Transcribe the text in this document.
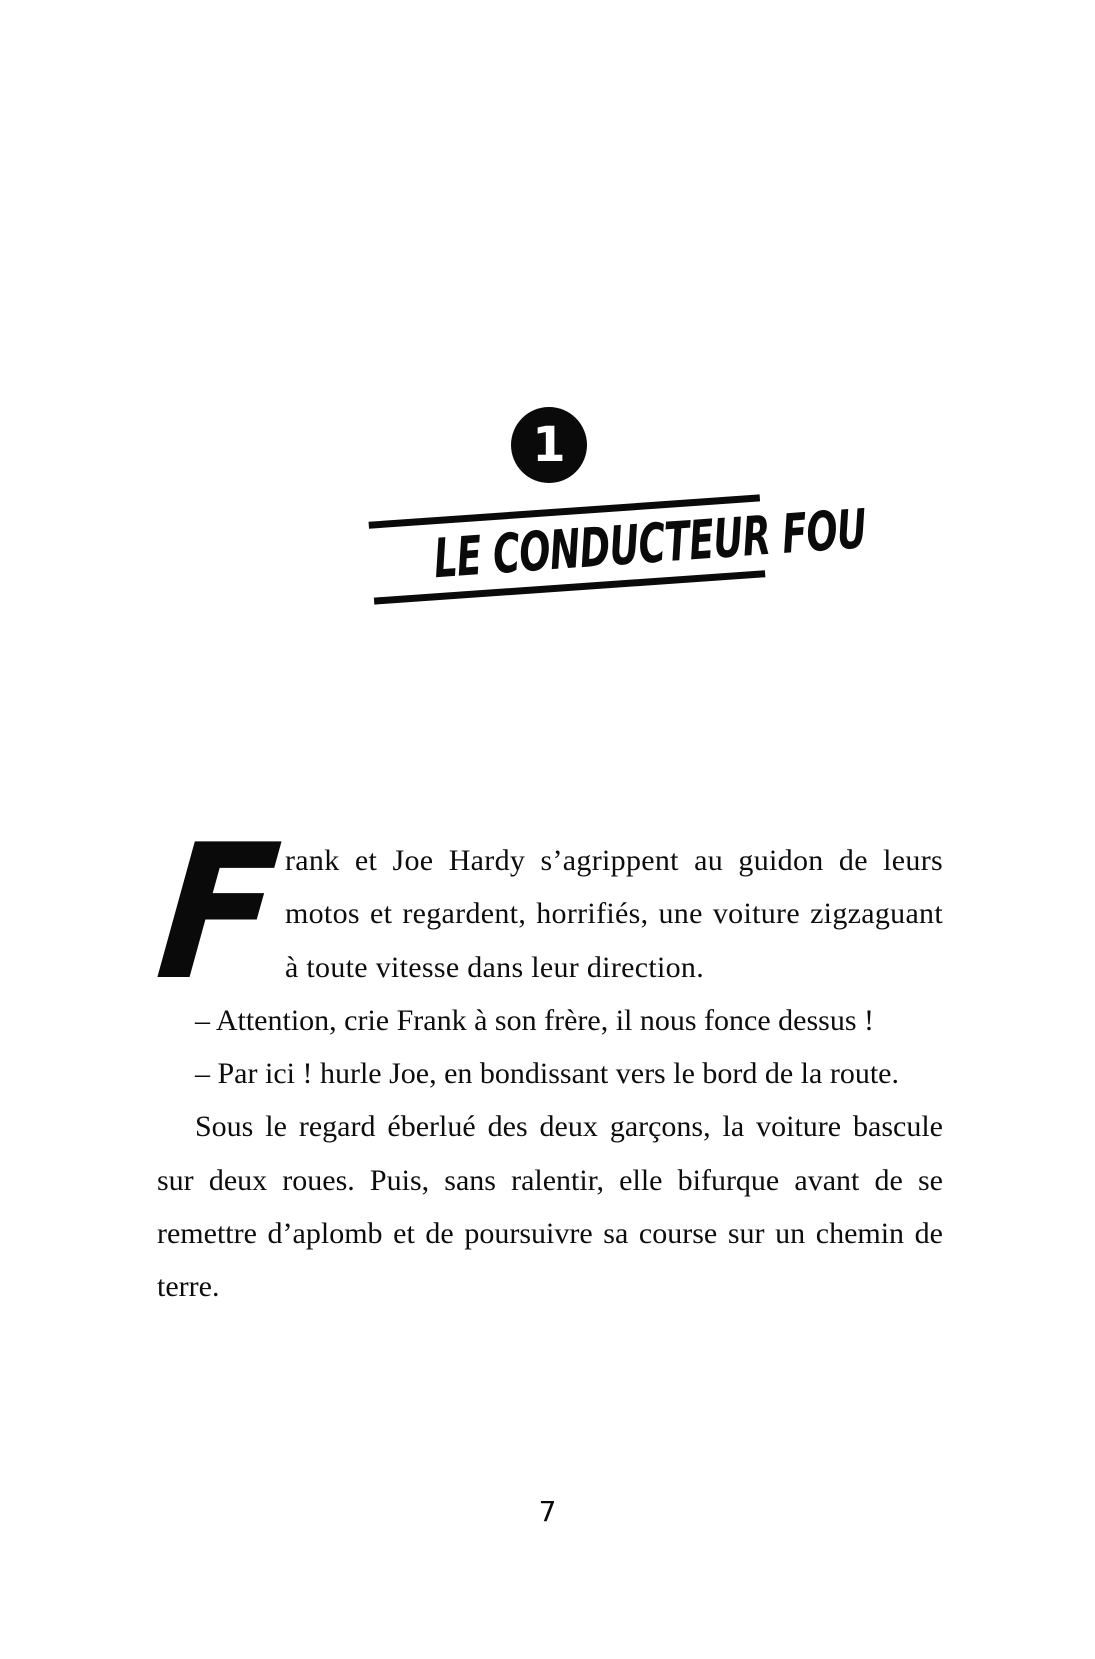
1
LE CONDUCTEUR FOU
F

rank et Joe Hardy s’agrippent au guidon de leurs motos et regardent, horrifiés, une voiture zigzaguant à toute vitesse dans leur direction.

– Attention, crie Frank à son frère, il nous fonce dessus !

– Par ici ! hurle Joe, en bondissant vers le bord de la route.

Sous le regard éberlué des deux garçons, la voiture bascule sur deux roues. Puis, sans ralentir, elle bifurque avant de se remettre d’aplomb et de poursuivre sa course sur un chemin de terre.

7
